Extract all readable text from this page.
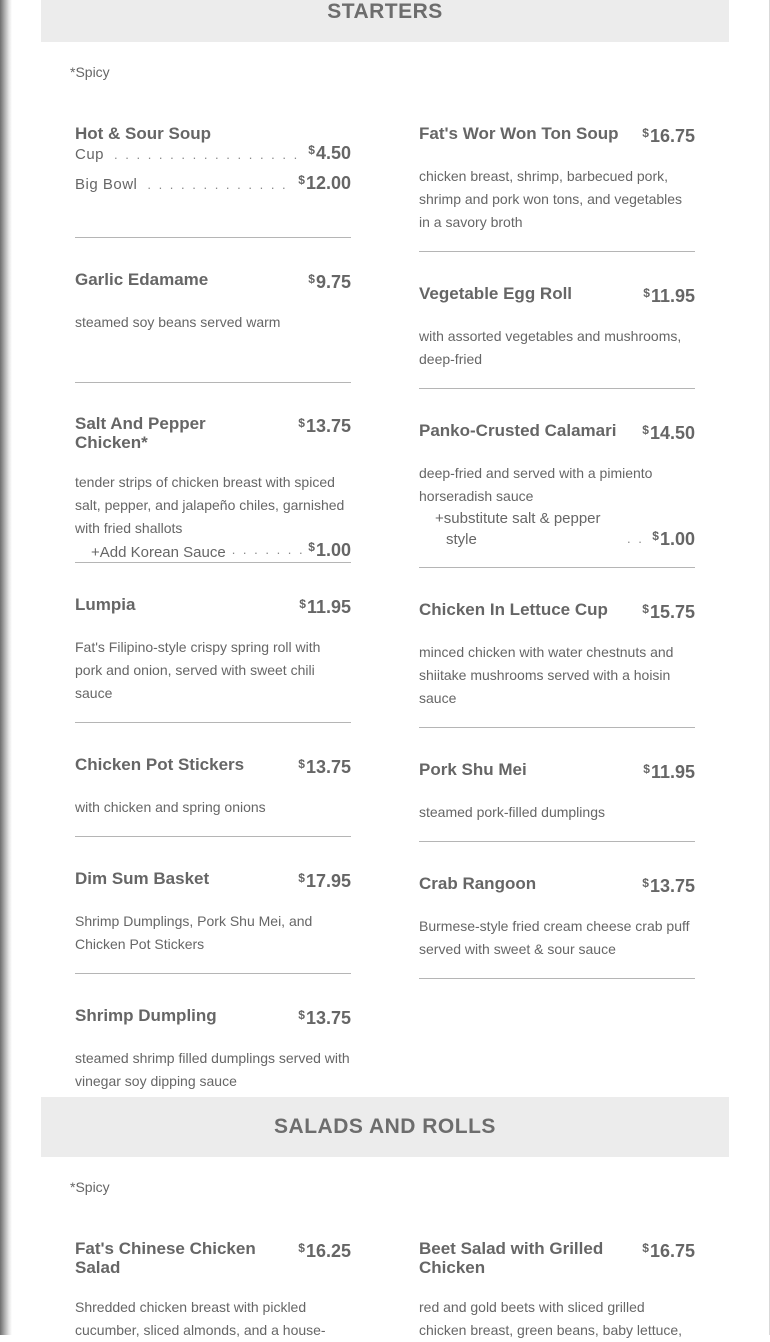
STARTERS
*Spicy
Hot & Sour Soup
Cup . . .	$4.50
Big Bowl . . .	$12.00
Garlic Edamame	$9.75
steamed soy beans served warm
Salt And Pepper Chicken*
$13.75
tender strips of chicken breast with spiced salt, pepper, and jalapeño chiles, garnished with fried shallots
+Add Korean Sauce . . .	$1.00
Lumpia	$11.95
Fat's Filipino-style crispy spring roll with pork and onion, served with sweet chili sauce
Chicken Pot Stickers	$13.75
with chicken and spring onions
Dim Sum Basket	$17.95
Shrimp Dumplings, Pork Shu Mei, and Chicken Pot Stickers
Shrimp Dumpling	$13.75
steamed shrimp filled dumplings served with vinegar soy dipping sauce
Fat's Wor Won Ton Soup $16.75
chicken breast, shrimp, barbecued pork, shrimp and pork won tons, and vegetables in a savory broth
Vegetable Egg Roll	$11.95
with assorted vegetables and mushrooms, deep-fried
Panko-Crusted Calamari $14.50
deep-fried and served with a pimiento horseradish sauce
+substitute salt & pepper style . . .	$1.00
Chicken In Lettuce Cup	$15.75
minced chicken with water chestnuts and shiitake mushrooms served with a hoisin sauce
Pork Shu Mei	$11.95
steamed pork-filled dumplings
Crab Rangoon	$13.75
Burmese-style fried cream cheese crab puff served with sweet & sour sauce
SALADS AND ROLLS
*Spicy
Fat's Chinese Chicken Salad
$16.25
Shredded chicken breast with pickled cucumber, sliced almonds, and a house-
Beet Salad with Grilled Chicken
$16.75
red and gold beets with sliced grilled chicken breast, green beans, baby lettuce,
